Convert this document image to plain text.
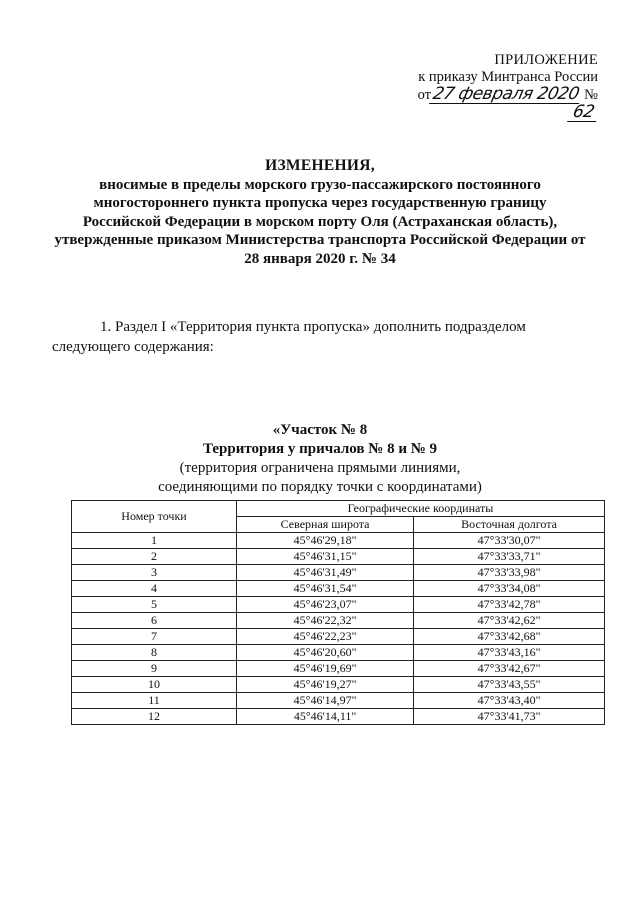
ПРИЛОЖЕНИЕ
к приказу Минтранса России
от27 февраля 2020 № 62
ИЗМЕНЕНИЯ,
вносимые в пределы морского грузо-пассажирского постоянного
многостороннего пункта пропуска через государственную границу
Российской Федерации в морском порту Оля (Астраханская область),
утвержденные приказом Министерства транспорта Российской Федерации от
28 января 2020 г. № 34
1. Раздел I «Территория пункта пропуска» дополнить подразделом следующего содержания:
«Участок № 8
Территория у причалов № 8 и № 9
(территория ограничена прямыми линиями,
соединяющими по порядку точки с координатами)
Номер точки	Географические координаты	
	Северная широта	Восточная долгота
1	45°46'29,18"	47°33'30,07"
2	45°46'31,15"	47°33'33,71"
3	45°46'31,49"	47°33'33,98"
4	45°46'31,54"	47°33'34,08"
5	45°46'23,07"	47°33'42,78"
6	45°46'22,32"	47°33'42,62"
7	45°46'22,23"	47°33'42,68"
8	45°46'20,60"	47°33'43,16"
9	45°46'19,69"	47°33'42,67"
10	45°46'19,27"	47°33'43,55"
11	45°46'14,97"	47°33'43,40"
12	45°46'14,11"	47°33'41,73"
